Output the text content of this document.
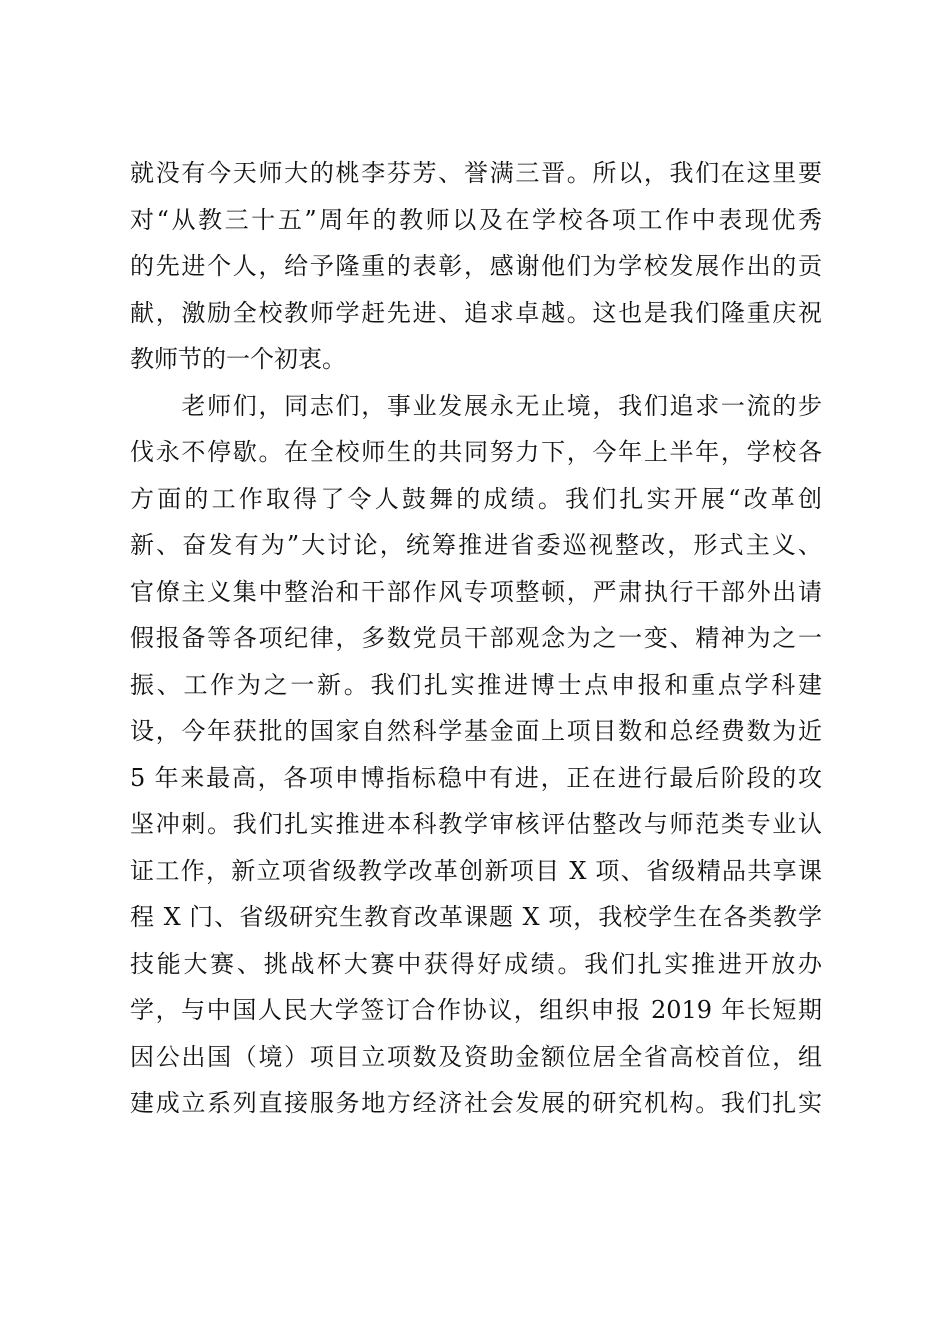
就没有今天师大的桃李芬芳、誉满三晋。所以，我们在这里要
对“从教三十五”周年的教师以及在学校各项工作中表现优秀
的先进个人，给予隆重的表彰，感谢他们为学校发展作出的贡
献，激励全校教师学赶先进、追求卓越。这也是我们隆重庆祝
教师节的一个初衷。
　　老师们，同志们，事业发展永无止境，我们追求一流的步
伐永不停歇。在全校师生的共同努力下，今年上半年，学校各
方面的工作取得了令人鼓舞的成绩。我们扎实开展“改革创
新、奋发有为”大讨论，统筹推进省委巡视整改，形式主义、
官僚主义集中整治和干部作风专项整顿，严肃执行干部外出请
假报备等各项纪律，多数党员干部观念为之一变、精神为之一
振、工作为之一新。我们扎实推进博士点申报和重点学科建
设，今年获批的国家自然科学基金面上项目数和总经费数为近
5 年来最高，各项申博指标稳中有进，正在进行最后阶段的攻
坚冲刺。我们扎实推进本科教学审核评估整改与师范类专业认
证工作，新立项省级教学改革创新项目 X 项、省级精品共享课
程 X 门、省级研究生教育改革课题 X 项，我校学生在各类教学
技能大赛、挑战杯大赛中获得好成绩。我们扎实推进开放办
学，与中国人民大学签订合作协议，组织申报 2019 年长短期
因公出国（境）项目立项数及资助金额位居全省高校首位，组
建成立系列直接服务地方经济社会发展的研究机构。我们扎实
